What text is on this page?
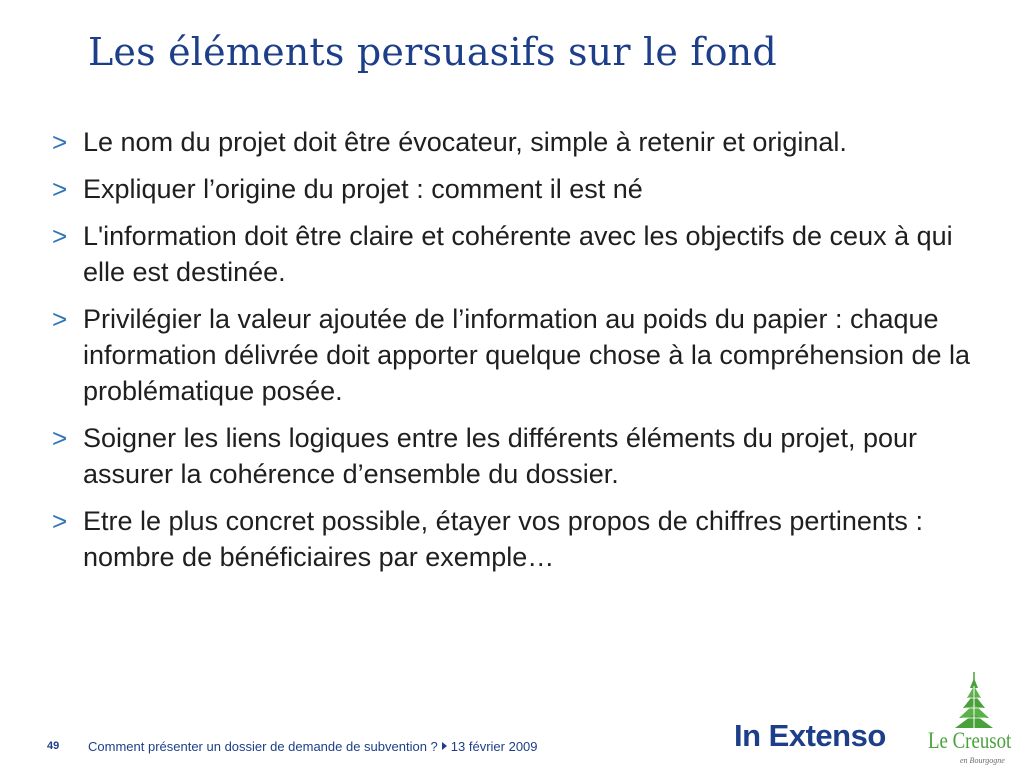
Les éléments persuasifs sur le fond
> Le nom du projet doit être évocateur, simple à retenir et original.
> Expliquer l’origine du projet : comment il est né
> L'information doit être claire et cohérente avec les objectifs de ceux à qui elle est destinée.
> Privilégier la valeur ajoutée de l’information au poids du papier : chaque information délivrée doit apporter quelque chose à la compréhension de la problématique posée.
> Soigner les liens logiques entre les différents éléments du projet, pour assurer la cohérence d’ensemble du dossier.
> Etre le plus concret possible, étayer vos propos de chiffres pertinents : nombre de bénéficiaires par exemple…
49 Comment présenter un dossier de demande de subvention ? 13 février 2009	In Extenso Le Creusot
en Bourgogne
